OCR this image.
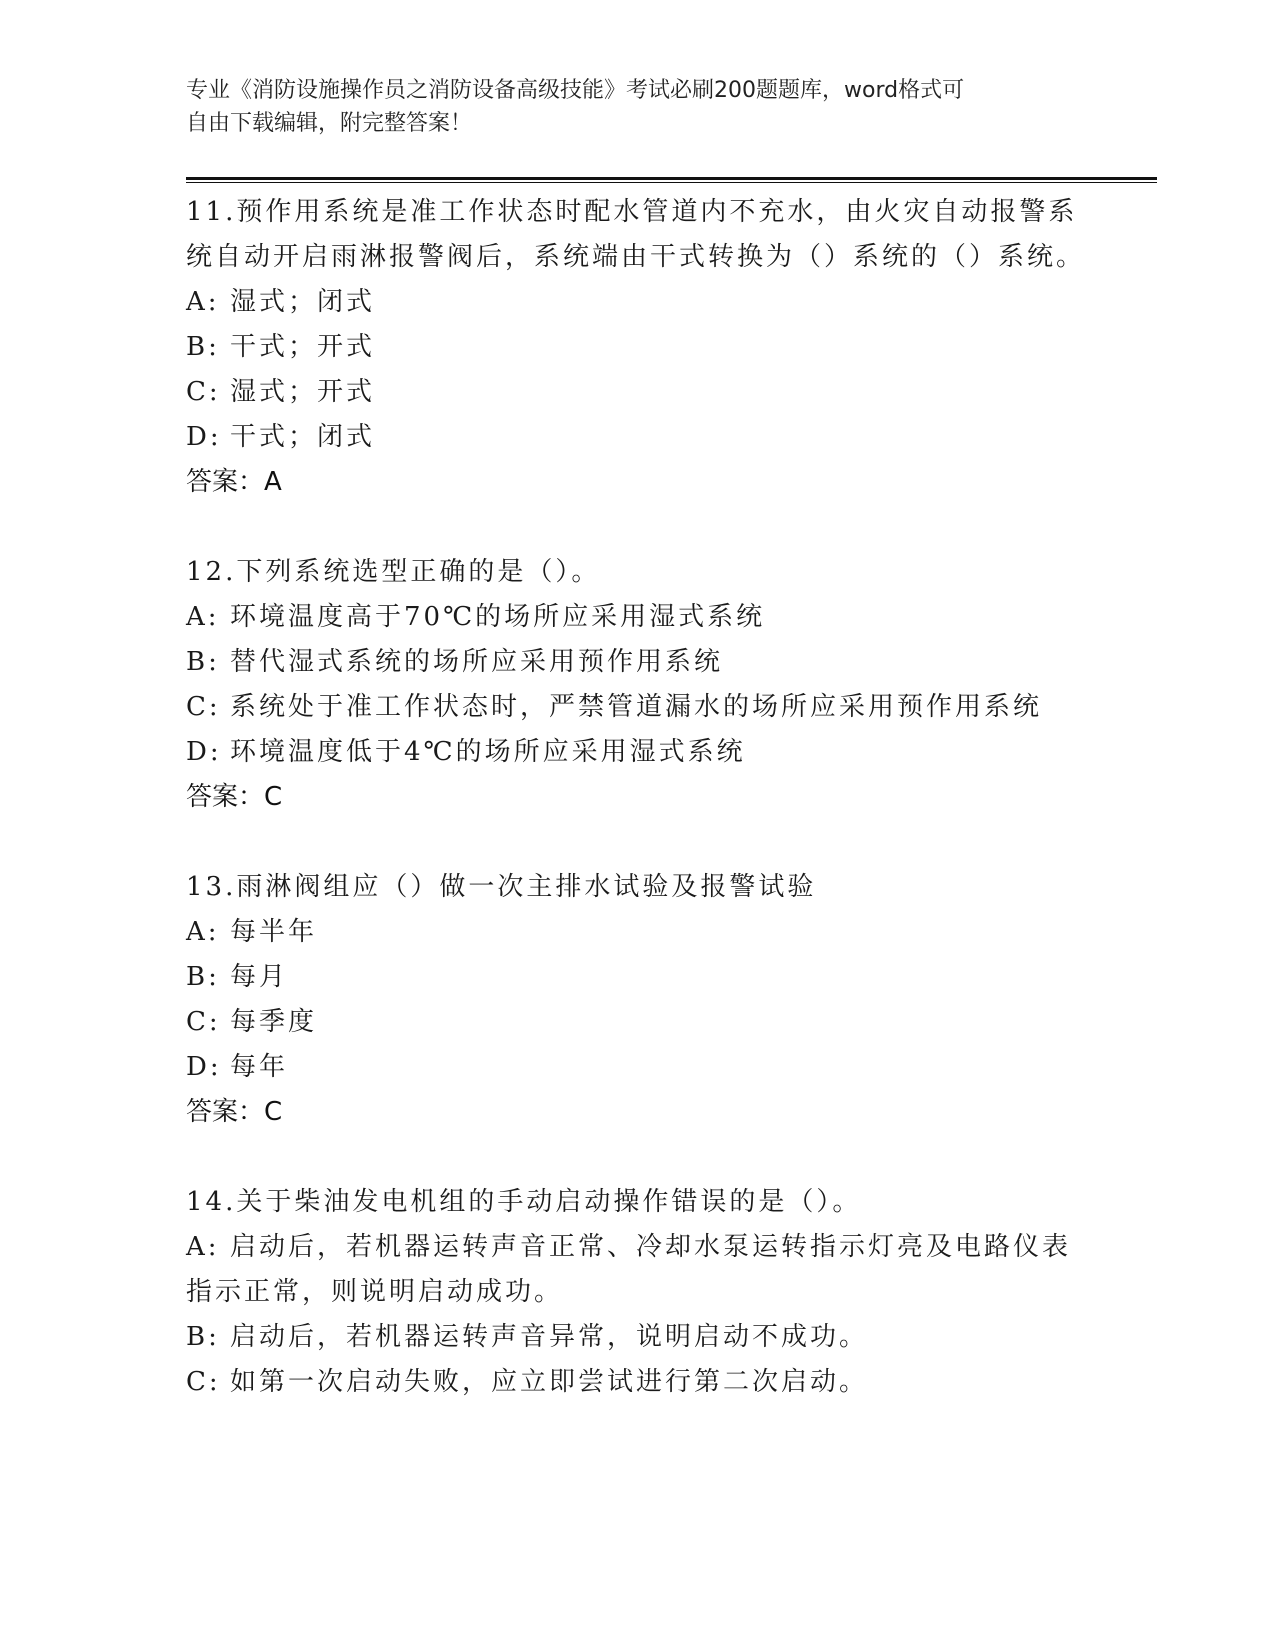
专业《消防设施操作员之消防设备高级技能》考试必刷200题题库，word格式可
自由下载编辑，附完整答案！

11.预作用系统是准工作状态时配水管道内不充水，由火灾自动报警系统自动开启雨淋报警阀后，系统端由干式转换为（）系统的（）系统。

A: 湿式；闭式

B: 干式；开式

C: 湿式；开式

D: 干式；闭式

答案：A

12.下列系统选型正确的是（）。

A: 环境温度高于70℃的场所应采用湿式系统

B: 替代湿式系统的场所应采用预作用系统

C: 系统处于准工作状态时，严禁管道漏水的场所应采用预作用系统

D: 环境温度低于4℃的场所应采用湿式系统

答案：C

13.雨淋阀组应（）做一次主排水试验及报警试验

A: 每半年

B: 每月

C: 每季度

D: 每年

答案：C

14.关于柴油发电机组的手动启动操作错误的是（）。

A: 启动后，若机器运转声音正常、冷却水泵运转指示灯亮及电路仪表指示正常，则说明启动成功。

B: 启动后，若机器运转声音异常，说明启动不成功。

C: 如第一次启动失败，应立即尝试进行第二次启动。
